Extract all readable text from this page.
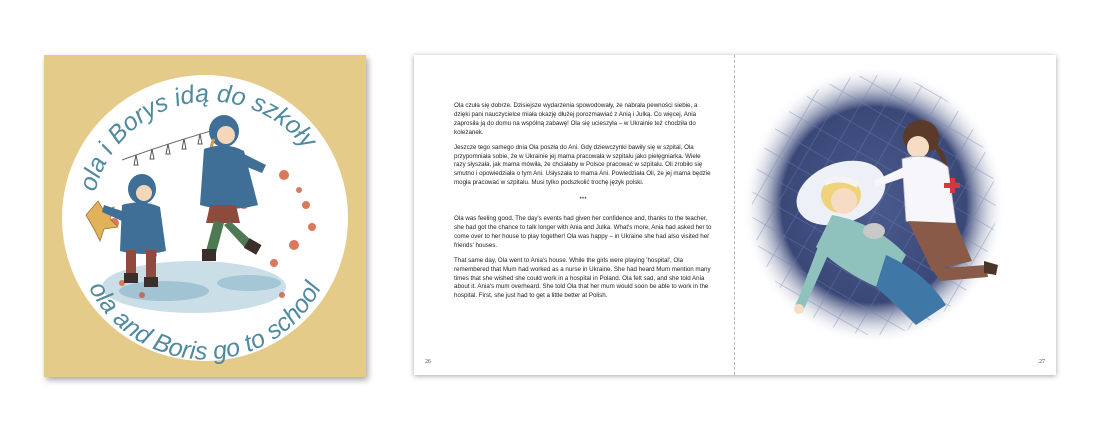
ola i Borys idą do szkoły
ola and Boris go to school

Ola czuła się dobrze. Dzisiejsze wydarzenia spowodowały, że nabrała pewności siebie, a dzięki pani nauczycielce miała okazję dłużej porozmawiać z Anią i Julką. Co więcej, Ania zaprosiła ją do domu na wspólną zabawę! Ola się ucieszyła – w Ukrainie też chodziła do koleżanek.

Jeszcze tego samego dnia Ola poszła do Ani. Gdy dziewczynki bawiły się w szpital, Ola przypomniała sobie, że w Ukrainie jej mama pracowała w szpitalu jako pielęgniarka. Wiele razy słyszała, jak mama mówiła, że chciałaby w Polsce pracować w szpitalu. Oli zrobiło się smutno i opowiedziała o tym Ani. Usłyszała to mama Ani. Powiedziała Oli, że jej mama będzie mogła pracować w szpitalu. Musi tylko podszkolić trochę język polski.

***

Ola was feeling good. The day's events had given her confidence and, thanks to the teacher, she had got the chance to talk longer with Ania and Julka. What's more, Ania had asked her to come over to her house to play together! Ola was happy – in Ukraine she had also visited her friends' houses.

That same day, Ola went to Ania's house. While the girls were playing 'hospital', Ola remembered that Mum had worked as a nurse in Ukraine. She had heard Mum mention many times that she wished she could work in a hospital in Poland. Ola felt sad, and she told Ania about it. Ania's mum overheard. She told Ola that her mum would soon be able to work in the hospital. First, she just had to get a little better at Polish.

26	27
